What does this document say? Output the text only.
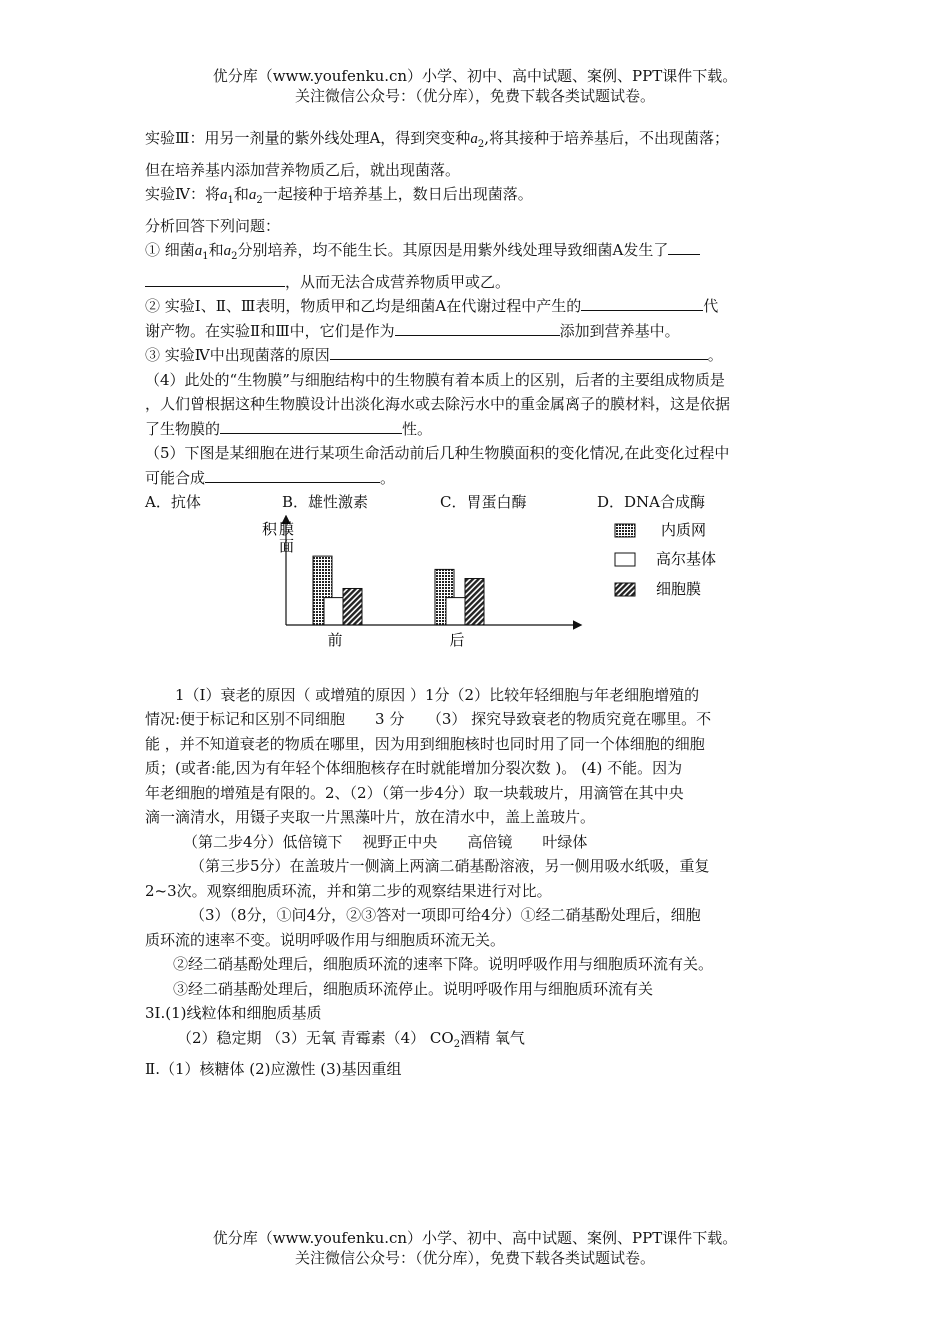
优分库（www.youfenku.cn）小学、初中、高中试题、案例、PPT课件下载。
关注微信公众号：（优分库），免费下载各类试题试卷。

实验Ⅲ：用另一剂量的紫外线处理A，得到突变种$a_2$,将其接种于培养基后，不出现菌落；

但在培养基内添加营养物质乙后，就出现菌落。

实验Ⅳ：将$a_1$和$a_2$一起接种于培养基上，数日后出现菌落。

分析回答下列问题：

① 细菌$a_1$和$a_2$分别培养，均不能生长。其原因是用紫外线处理导致细菌A发生了

，从而无法合成营养物质甲或乙。

② 实验Ⅰ、Ⅱ、Ⅲ表明，物质甲和乙均是细菌A在代谢过程中产生的	代

谢产物。在实验Ⅱ和Ⅲ中，它们是作为	添加到营养基中。

③ 实验Ⅳ中出现菌落的原因	。

（4）此处的“生物膜”与细胞结构中的生物膜有着本质上的区别，后者的主要组成物质是

，人们曾根据这种生物膜设计出淡化海水或去除污水中的重金属离子的膜材料，这是依据

了生物膜的	性。

（5）下图是某细胞在进行某项生命活动前后几种生物膜面积的变化情况,在此变化过程中

可能合成	。

A．抗体	B．雄性激素	C．胃蛋白酶	D．DNA合成酶
积 膜
面
前	后
内质网
高尔基体
细胞膜

1（Ⅰ）衰老的原因（ 或增殖的原因 ）1分（2）比较年轻细胞与年老细胞增殖的

情况:便于标记和区别不同细胞　　3 分　　（3） 探究导致衰老的物质究竟在哪里。不

能 ，并不知道衰老的物质在哪里，因为用到细胞核时也同时用了同一个体细胞的细胞

质；(或者:能,因为有年轻个体细胞核存在时就能增加分裂次数 )。 (4) 不能。因为

年老细胞的增殖是有限的。2、（2）（第一步4分）取一块载玻片，用滴管在其中央

滴一滴清水，用镊子夹取一片黑藻叶片，放在清水中，盖上盖玻片。

（第二步4分）低倍镜下　 视野正中央　　高倍镜　　叶绿体

（第三步5分）在盖玻片一侧滴上两滴二硝基酚溶液，另一侧用吸水纸吸，重复

2~3次。观察细胞质环流，并和第二步的观察结果进行对比。

（3）（8分，①问4分，②③答对一项即可给4分）①经二硝基酚处理后，细胞

质环流的速率不变。说明呼吸作用与细胞质环流无关。

②经二硝基酚处理后，细胞质环流的速率下降。说明呼吸作用与细胞质环流有关。

③经二硝基酚处理后，细胞质环流停止。说明呼吸作用与细胞质环流有关

3Ⅰ.(1)线粒体和细胞质基质

（2）稳定期 （3）无氧 青霉素（4） $CO_2$酒精 氧气

Ⅱ.（1）核糖体 (2)应激性 (3)基因重组

优分库（www.youfenku.cn）小学、初中、高中试题、案例、PPT课件下载。
关注微信公众号：（优分库），免费下载各类试题试卷。
